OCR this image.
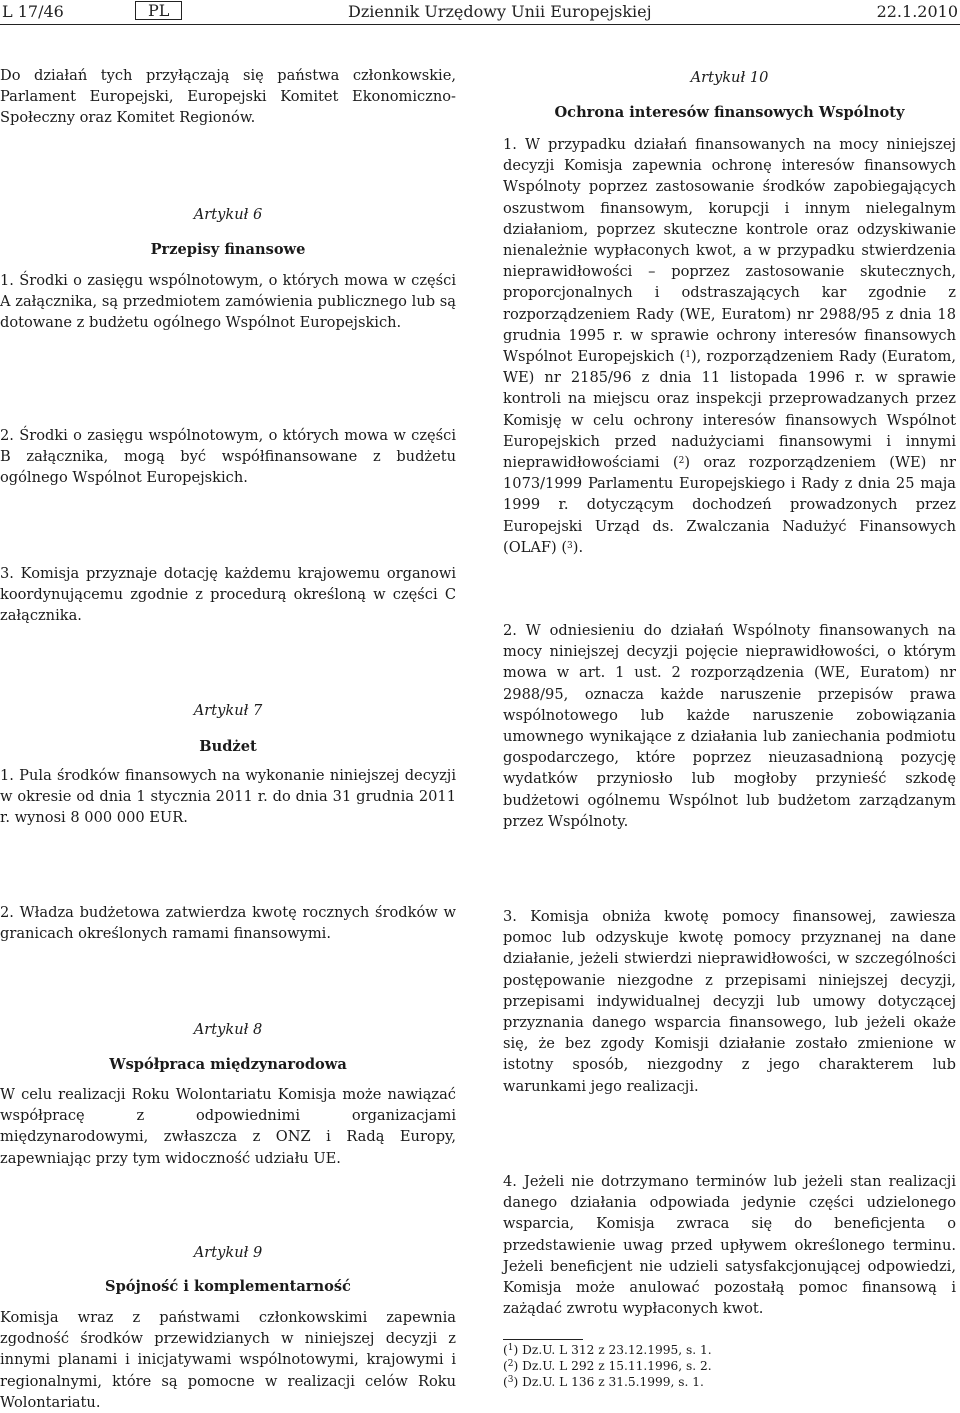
L 17/46	PL	Dziennik Urzędowy Unii Europejskiej	22.1.2010

Do działań tych przyłączają się państwa członkowskie, Parlament Europejski, Europejski Komitet Ekonomiczno-Społeczny oraz Komitet Regionów.

Artykuł 6
Przepisy finansowe

1. Środki o zasięgu wspólnotowym, o których mowa w części A załącznika, są przedmiotem zamówienia publicznego lub są dotowane z budżetu ogólnego Wspólnot Europejskich.

2. Środki o zasięgu wspólnotowym, o których mowa w części B załącznika, mogą być współfinansowane z budżetu ogólnego Wspólnot Europejskich.

3. Komisja przyznaje dotację każdemu krajowemu organowi koordynującemu zgodnie z procedurą określoną w części C załącznika.

Artykuł 7
Budżet

1. Pula środków finansowych na wykonanie niniejszej decyzji w okresie od dnia 1 stycznia 2011 r. do dnia 31 grudnia 2011 r. wynosi 8 000 000 EUR.

2. Władza budżetowa zatwierdza kwotę rocznych środków w granicach określonych ramami finansowymi.

Artykuł 8
Współpraca międzynarodowa

W celu realizacji Roku Wolontariatu Komisja może nawiązać współpracę z odpowiednimi organizacjami międzynarodowymi, zwłaszcza z ONZ i Radą Europy, zapewniając przy tym widoczność udziału UE.

Artykuł 9
Spójność i komplementarność

Komisja wraz z państwami członkowskimi zapewnia zgodność środków przewidzianych w niniejszej decyzji z innymi planami i inicjatywami wspólnotowymi, krajowymi i regionalnymi, które są pomocne w realizacji celów Roku Wolontariatu.

Artykuł 10
Ochrona interesów finansowych Wspólnoty

1. W przypadku działań finansowanych na mocy niniejszej decyzji Komisja zapewnia ochronę interesów finansowych Wspólnoty poprzez zastosowanie środków zapobiegających oszustwom finansowym, korupcji i innym nielegalnym działaniom, poprzez skuteczne kontrole oraz odzyskiwanie nienależnie wypłaconych kwot, a w przypadku stwierdzenia nieprawidłowości – poprzez zastosowanie skutecznych, proporcjonalnych i odstraszających kar zgodnie z rozporządzeniem Rady (WE, Euratom) nr 2988/95 z dnia 18 grudnia 1995 r. w sprawie ochrony interesów finansowych Wspólnot Europejskich ($^1$), rozporządzeniem Rady (Euratom, WE) nr 2185/96 z dnia 11 listopada 1996 r. w sprawie kontroli na miejscu oraz inspekcji przeprowadzanych przez Komisję w celu ochrony interesów finansowych Wspólnot Europejskich przed nadużyciami finansowymi i innymi nieprawidłowościami ($^2$) oraz rozporządzeniem (WE) nr 1073/1999 Parlamentu Europejskiego i Rady z dnia 25 maja 1999 r. dotyczącym dochodzeń prowadzonych przez Europejski Urząd ds. Zwalczania Nadużyć Finansowych (OLAF) ($^3$).

2. W odniesieniu do działań Wspólnoty finansowanych na mocy niniejszej decyzji pojęcie nieprawidłowości, o którym mowa w art. 1 ust. 2 rozporządzenia (WE, Euratom) nr 2988/95, oznacza każde naruszenie przepisów prawa wspólnotowego lub każde naruszenie zobowiązania umownego wynikające z działania lub zaniechania podmiotu gospodarczego, które poprzez nieuzasadnioną pozycję wydatków przyniosło lub mogłoby przynieść szkodę budżetowi ogólnemu Wspólnot lub budżetom zarządzanym przez Wspólnoty.

3. Komisja obniża kwotę pomocy finansowej, zawiesza pomoc lub odzyskuje kwotę pomocy przyznanej na dane działanie, jeżeli stwierdzi nieprawidłowości, w szczególności postępowanie niezgodne z przepisami niniejszej decyzji, przepisami indywidualnej decyzji lub umowy dotyczącej przyznania danego wsparcia finansowego, lub jeżeli okaże się, że bez zgody Komisji działanie zostało zmienione w istotny sposób, niezgodny z jego charakterem lub warunkami jego realizacji.

4. Jeżeli nie dotrzymano terminów lub jeżeli stan realizacji danego działania odpowiada jedynie części udzielonego wsparcia, Komisja zwraca się do beneficjenta o przedstawienie uwag przed upływem określonego terminu. Jeżeli beneficjent nie udzieli satysfakcjonującej odpowiedzi, Komisja może anulować pozostałą pomoc finansową i zażądać zwrotu wypłaconych kwot.

($^1$) Dz.U. L 312 z 23.12.1995, s. 1.
($^2$) Dz.U. L 292 z 15.11.1996, s. 2.
($^3$) Dz.U. L 136 z 31.5.1999, s. 1.
